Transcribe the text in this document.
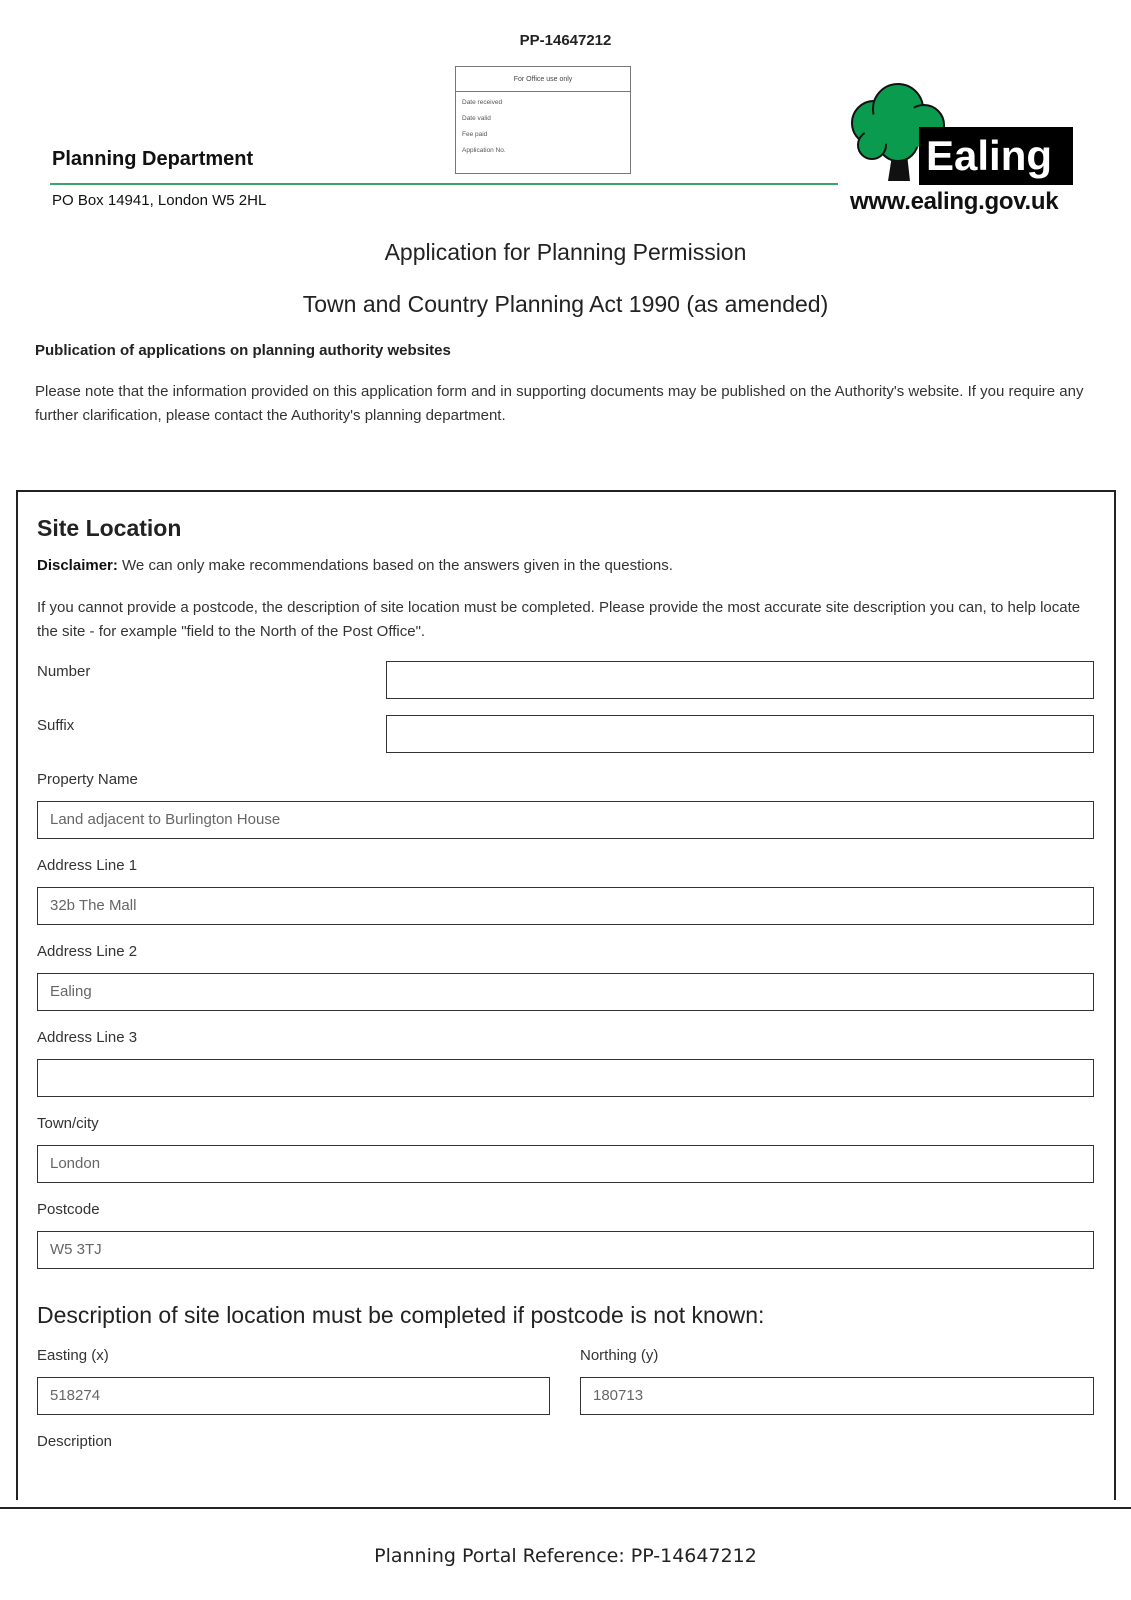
PP-14647212
For Office use only
Date received
Date valid
Fee paid
Application No.
Planning Department
PO Box 14941, London W5 2HL
Ealing
www.ealing.gov.uk
Application for Planning Permission
Town and Country Planning Act 1990 (as amended)
Publication of applications on planning authority websites
Please note that the information provided on this application form and in supporting documents may be published on the Authority's website. If you require any further clarification, please contact the Authority's planning department.
Site Location
Disclaimer: We can only make recommendations based on the answers given in the questions.
If you cannot provide a postcode, the description of site location must be completed. Please provide the most accurate site description you can, to help locate the site - for example "field to the North of the Post Office".
Number
Suffix
Property Name
Land adjacent to Burlington House
Address Line 1
32b The Mall
Address Line 2
Ealing
Address Line 3
Town/city
London
Postcode
W5 3TJ
Description of site location must be completed if postcode is not known:
Easting (x)
518274
Northing (y)
180713
Description
Planning Portal Reference: PP-14647212
